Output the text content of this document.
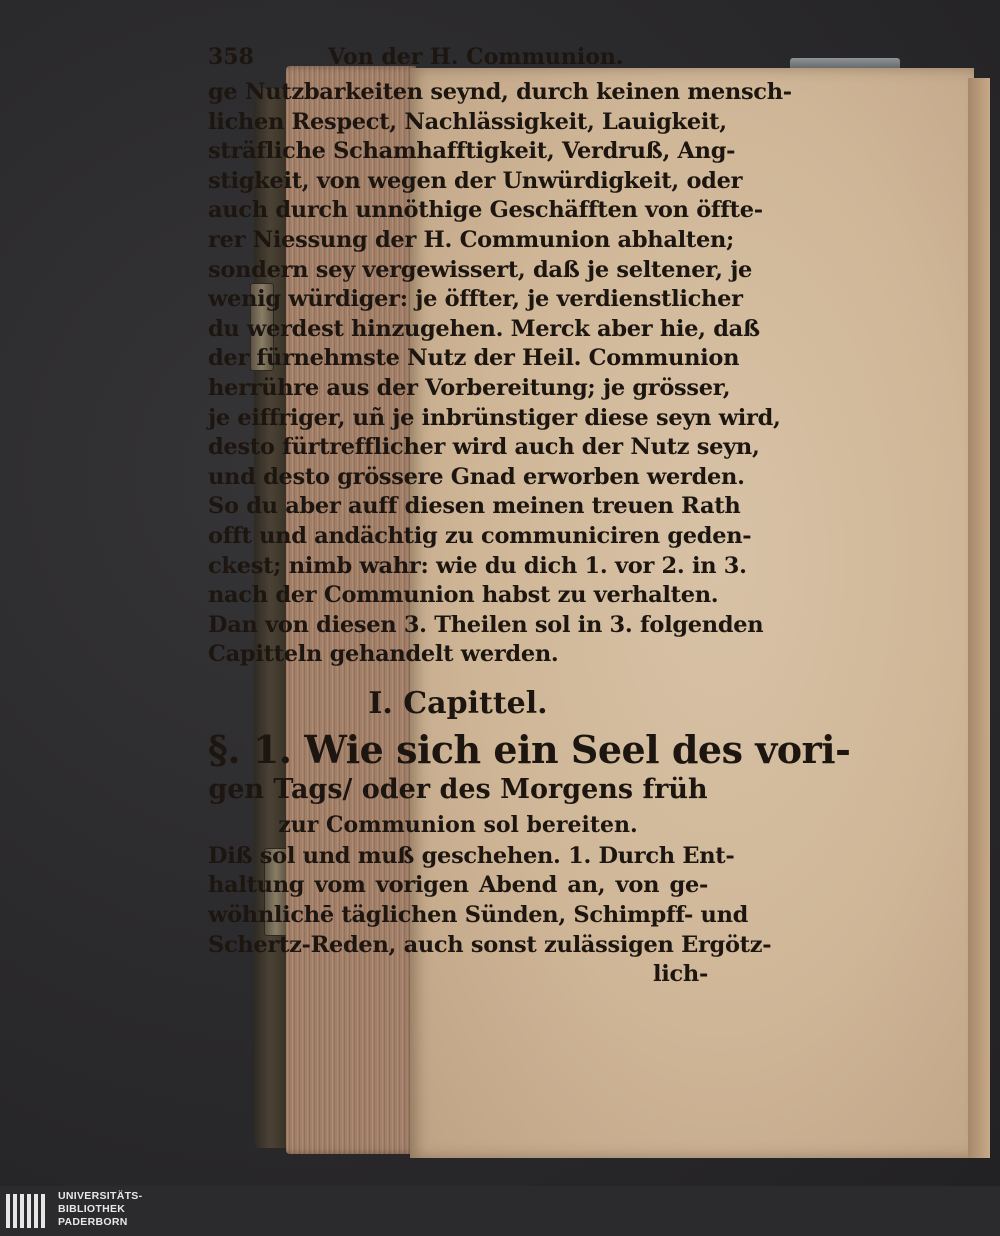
358	Von der H. Communion.
ge Nutzbarkeiten seynd, durch keinen mensch-
lichen Respect, Nachlässigkeit, Lauigkeit,
sträfliche Schamhafftigkeit, Verdruß, Ang-
stigkeit, von wegen der Unwürdigkeit, oder
auch durch unnöthige Geschäfften von öffte-
rer Niessung der H. Communion abhalten;
sondern sey vergewissert, daß je seltener, je
wenig würdiger: je öffter, je verdienstlicher
du werdest hinzugehen. Merck aber hie, daß
der fürnehmste Nutz der Heil. Communion
herrühre aus der Vorbereitung; je grösser,
je eiffriger, uñ je inbrünstiger diese seyn wird,
desto fürtrefflicher wird auch der Nutz seyn,
und desto grössere Gnad erworben werden.
So du aber auff diesen meinen treuen Rath
offt und andächtig zu communiciren geden-
ckest; nimb wahr: wie du dich 1. vor 2. in 3.
nach der Communion habst zu verhalten.
Dan von diesen 3. Theilen sol in 3. folgenden
Capitteln gehandelt werden.
I. Capittel.
§. 1. Wie sich ein Seel des vori-
gen Tags/ oder des Morgens früh
zur Communion sol bereiten.
Diß sol und muß geschehen. 1. Durch Ent-
haltung vom vorigen Abend an, von ge-
wöhnlichē täglichen Sünden, Schimpff- und
Schertz-Reden, auch sonst zulässigen Ergötz-
lich-
UNIVERSITÄTS-
BIBLIOTHEK
PADERBORN
